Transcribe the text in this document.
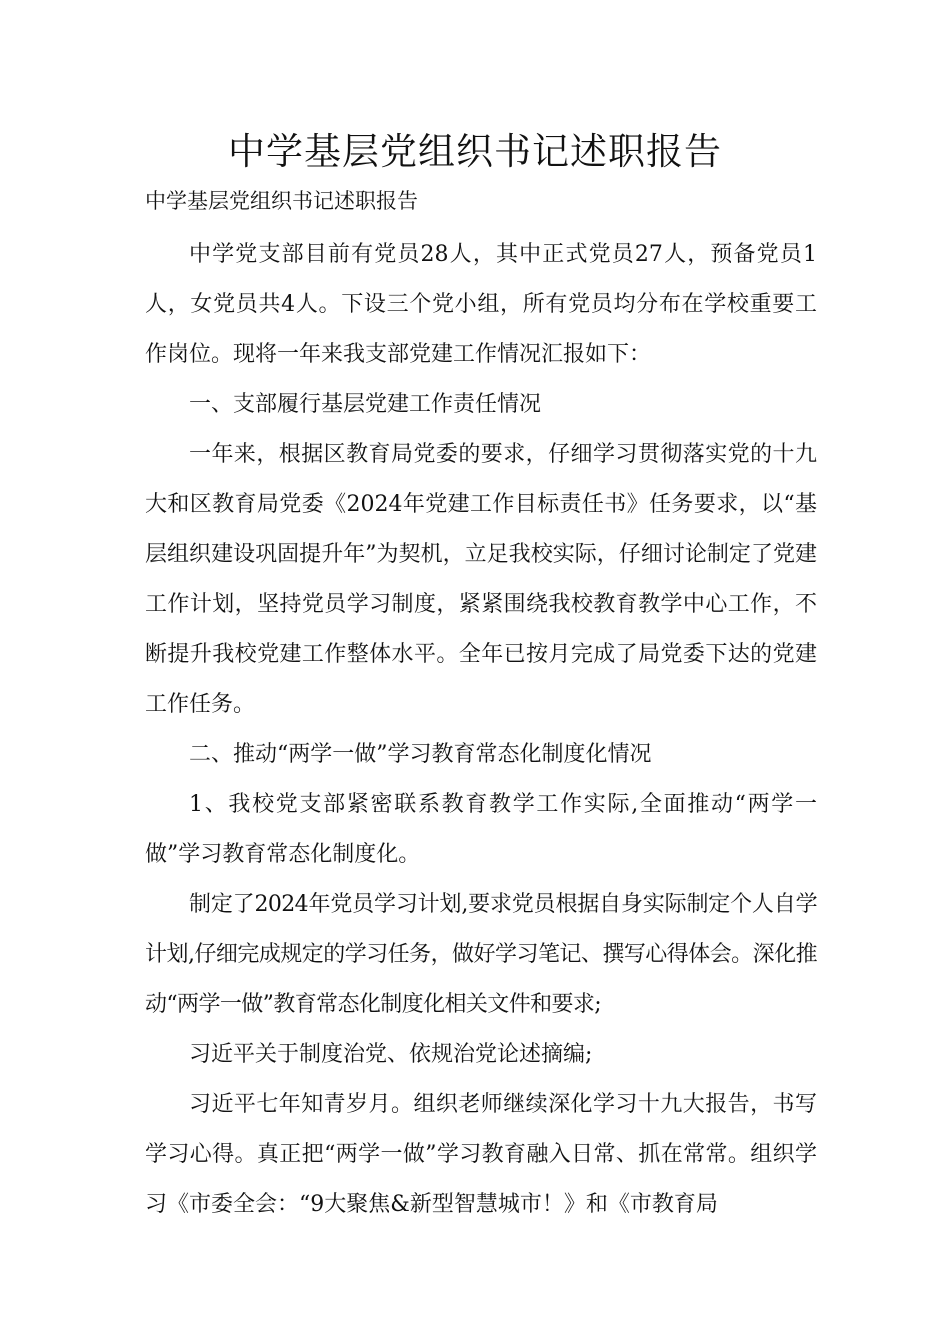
中学基层党组织书记述职报告

中学基层党组织书记述职报告

中学党支部目前有党员28人，其中正式党员27人，预备党员1人，女党员共4人。下设三个党小组，所有党员均分布在学校重要工作岗位。现将一年来我支部党建工作情况汇报如下：

一、支部履行基层党建工作责任情况

一年来，根据区教育局党委的要求，仔细学习贯彻落实党的十九大和区教育局党委《2024年党建工作目标责任书》任务要求，以“基层组织建设巩固提升年”为契机，立足我校实际，仔细讨论制定了党建工作计划，坚持党员学习制度，紧紧围绕我校教育教学中心工作，不断提升我校党建工作整体水平。全年已按月完成了局党委下达的党建工作任务。

二、推动“两学一做”学习教育常态化制度化情况

1、我校党支部紧密联系教育教学工作实际,全面推动“两学一做”学习教育常态化制度化。

制定了2024年党员学习计划,要求党员根据自身实际制定个人自学计划,仔细完成规定的学习任务，做好学习笔记、撰写心得体会。深化推动“两学一做”教育常态化制度化相关文件和要求;

习近平关于制度治党、依规治党论述摘编;

习近平七年知青岁月。组织老师继续深化学习十九大报告，书写学习心得。真正把“两学一做”学习教育融入日常、抓在常常。组织学习《市委全会：“9大聚焦&新型智慧城市！》和《市教育局
